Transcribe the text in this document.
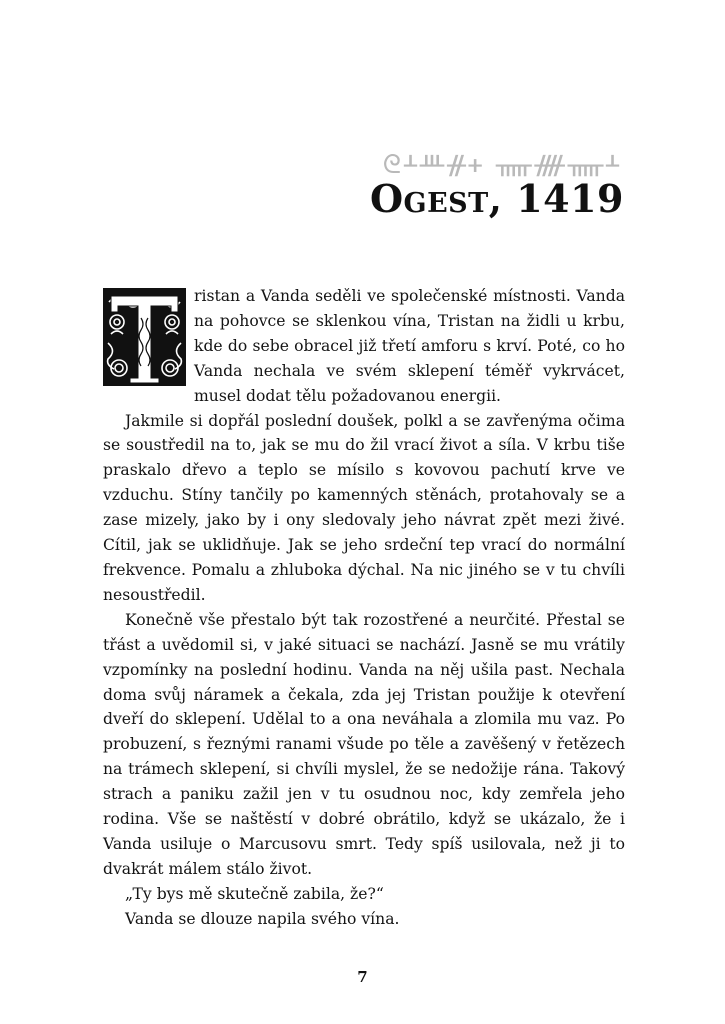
ᘓᚆᚈᚌᚐ ᚅᚎᚅᚆ
Ogest, 1419

ristan a Vanda seděli ve společenské místnosti. Vanda na pohovce se sklenkou vína, Tristan na židli u krbu, kde do sebe obracel již třetí amforu s krví. Poté, co ho Vanda nechala ve svém sklepení téměř vykrvácet, musel dodat tělu požadovanou energii.

Jakmile si dopřál poslední doušek, polkl a se zavřenýma očima se soustředil na to, jak se mu do žil vrací život a síla. V krbu tiše praskalo dřevo a teplo se mísilo s kovovou pachutí krve ve vzduchu. Stíny tančily po kamenných stěnách, protahovaly se a zase mizely, jako by i ony sledovaly jeho návrat zpět mezi živé. Cítil, jak se uklidňuje. Jak se jeho srdeční tep vrací do normální frekvence. Pomalu a zhluboka dýchal. Na nic jiného se v tu chvíli nesoustředil.

Konečně vše přestalo být tak rozostřené a neurčité. Přestal se třást a uvědomil si, v jaké situaci se nachází. Jasně se mu vrátily vzpomínky na poslední hodinu. Vanda na něj ušila past. Nechala doma svůj náramek a čekala, zda jej Tristan použije k otevření dveří do sklepení. Udělal to a ona neváhala a zlomila mu vaz. Po probuzení, s řeznými ranami všude po těle a zavěšený v řetězech na trámech sklepení, si chvíli myslel, že se nedožije rána. Takový strach a paniku zažil jen v tu osudnou noc, kdy zemřela jeho rodina. Vše se naštěstí v dobré obrátilo, když se ukázalo, že i Vanda usiluje o Marcusovu smrt. Tedy spíš usilovala, než ji to dvakrát málem stálo život.

„Ty bys mě skutečně zabila, že?“

Vanda se dlouze napila svého vína.

7
